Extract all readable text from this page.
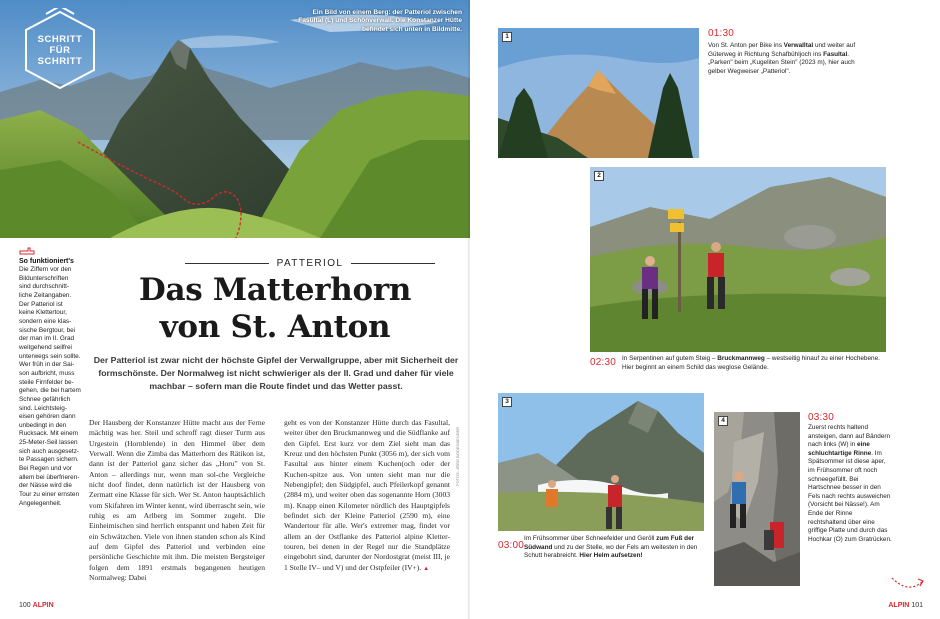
SCHRITT
FÜR
SCHRITT
Ein Bild von einem Berg: der Patteriol zwischen Fasultal (L) und Schönverwall. Die Konstanzer Hütte befindet sich unten in Bildmitte.
So funktioniert's
Die Ziffern vor den
Bildunterschriften
sind durchschnitt-
liche Zeitangaben.
Der Patteriol ist
keine Klettertour,
sondern eine klas-
sische Bergtour, bei
der man im II. Grad
weitgehend seilfrei
unterwegs sein sollte.
Wer früh in der Sai-
son aufbricht, muss
steile Firnfelder be-
gehen, die bei hartem
Schnee gefährlich
sind. Leichtsteig-
eisen gehören dann
unbedingt in den
Rucksack. Mit einem
25-Meter-Seil lassen
sich auch ausgesetz-
te Passagen sichern.
Bei Regen und vor
allem bei überfrieren-
der Nässe wird die
Tour zu einer ernsten
Angelegenheit.
PATTERIOL
Das Matterhorn
von St. Anton
Der Patteriol ist zwar nicht der höchste Gipfel der Verwallgruppe, aber mit Sicherheit der formschönste. Der Normalweg ist nicht schwieriger als der II. Grad und daher für viele machbar – sofern man die Route findet und das Wetter passt.
Der Hausberg der Konstanzer Hütte macht aus der Ferne mächtig was her. Steil und schroff ragt dieser Turm aus Urgestein (Hornblende) in den Himmel über dem Verwall. Wenn die Zimba das Matterhorn des Rätikon ist, dann ist der Patteriol ganz sicher das „Horu" von St. Anton – allerdings nur, wenn man sol-che Vergleiche nicht doof findet, denn natürlich ist der Hausberg von Zermatt eine Klasse für sich. Wer St. Anton hauptsächlich vom Skifahren im Winter kennt, wird überrascht sein, wie ruhig es am Arlberg im Sommer zugeht. Die Einheimischen sind herrlich entspannt und haben Zeit für ein Schwätzchen. Viele von ihnen standen schon als Kind auf dem Gipfel des Patteriol und verbinden eine persönliche Geschichte mit ihm. Die meisten Bergsteiger folgen dem 1891 erstmals begangenen heutigen Normalweg: Dabei
geht es von der Konstanzer Hütte durch das Fasultal, weiter über den Bruckmannweg und die Südflanke auf den Gipfel. Erst kurz vor dem Ziel sieht man das Kreuz und den höchsten Punkt (3056 m), der sich vom Fasultal aus hinter einem Kuchen(och oder der Kuchen-spitze aus. Von unten sieht man nur die Nebengipfel; den Südgipfel, auch Pfeilerkopf genannt (2884 m), und weiter oben das sogenannte Horn (3003 m). Knapp einen Kilometer nördlich des Hauptgipfels befindet sich der Kleine Patteriol (2590 m), eine Wandertour für alle. Wer's extremer mag, findet vor allem an der Ostflanke des Patteriol alpine Kletter-touren, bei denen in der Regel nur die Standplätze eingebohrt sind, darunter der Nordostgrat (meist III, je 1 Stelle IV– und V) und der Ostpfeiler (IV+). ▲
FOTOS: JÖRG BODENBENDER
100 ALPIN
1	01:30
Von St. Anton per Bike ins Verwalltal und weiter auf Güterweg in Richtung Schafbühljoch ins Fasultal. „Parken" beim „Kugeliten Stein" (2023 m), hier auch gelber Wegweiser „Patteriol".
2
02:30 In Serpentinen auf gutem Steig – Bruckmannweg – westseitig hinauf zu einer Hochebene. Hier beginnt an einem Schild das weglose Gelände.
3
03:00
Im Frühsommer über Schneefelder und Geröll zum Fuß der Südwand und zu der Stelle, wo der Fels am weitesten in den Schutt herabreicht. Hier Helm aufsetzen!
4	03:30
Zuerst rechts haltend ansteigen, dann auf Bändern nach links (W) in eine schluchtartige Rinne. Im Spätsommer ist diese aper, im Frühsommer oft noch schneegefüllt. Bei Hartschnee besser in den Fels nach rechts ausweichen (Vorsicht bei Nässe!). Am Ende der Rinne rechtshaltend über eine griffige Platte und durch das Hochkar (O) zum Gratrücken.
ALPIN 101
